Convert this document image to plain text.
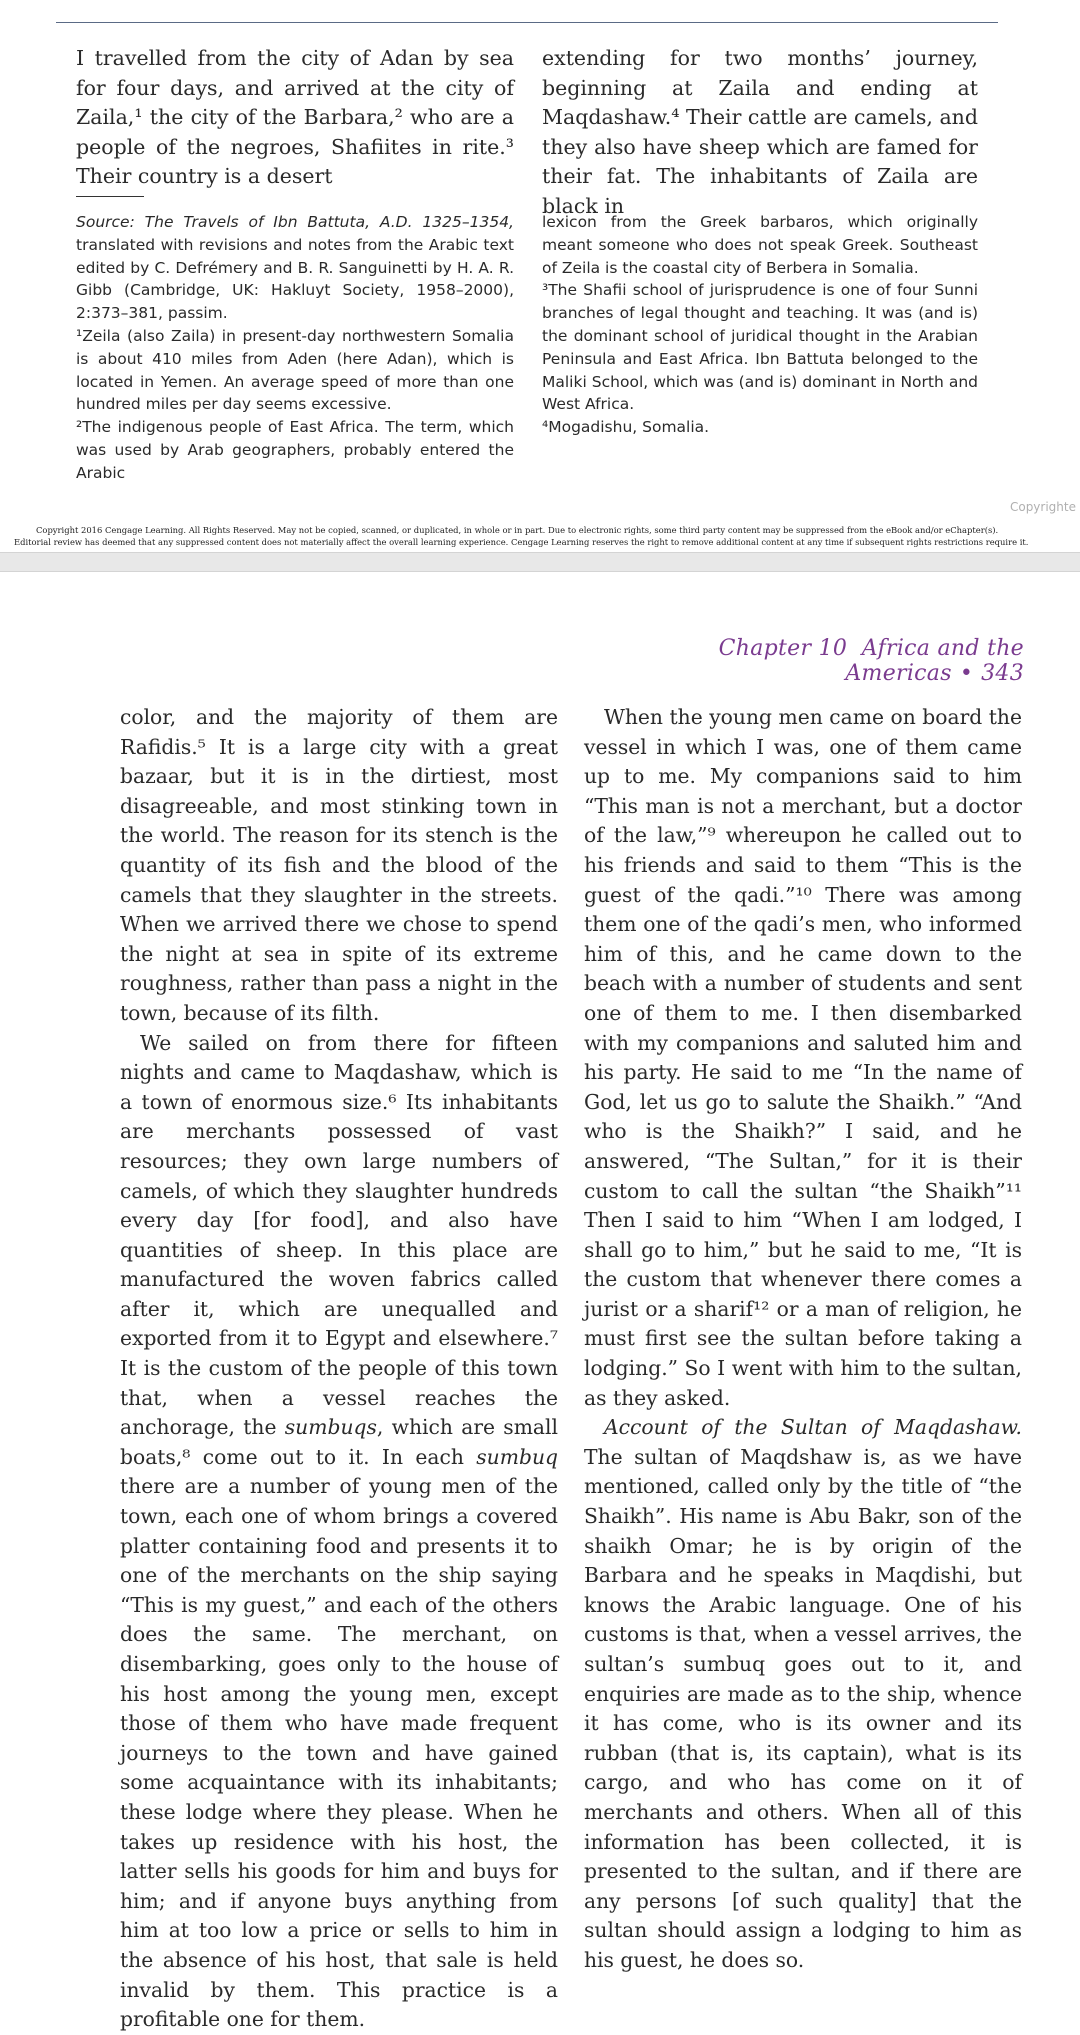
I travelled from the city of Adan by sea for four days, and arrived at the city of Zaila,¹ the city of the Barbara,² who are a people of the negroes, Shafiites in rite.³ Their country is a desert
extending for two months’ journey, beginning at Zaila and ending at Maqdashaw.⁴ Their cattle are camels, and they also have sheep which are famed for their fat. The inhabitants of Zaila are black in

Source: The Travels of Ibn Battuta, A.D. 1325–1354, translated with revisions and notes from the Arabic text edited by C. Defrémery and B. R. Sanguinetti by H. A. R. Gibb (Cambridge, UK: Hakluyt Society, 1958–2000), 2:373–381, passim.

¹Zeila (also Zaila) in present-day northwestern Somalia is about 410 miles from Aden (here Adan), which is located in Yemen. An average speed of more than one hundred miles per day seems excessive.

²The indigenous people of East Africa. The term, which was used by Arab geographers, probably entered the Arabic

lexicon from the Greek barbaros, which originally meant someone who does not speak Greek. Southeast of Zeila is the coastal city of Berbera in Somalia.

³The Shafii school of jurisprudence is one of four Sunni branches of legal thought and teaching. It was (and is) the dominant school of juridical thought in the Arabian Peninsula and East Africa. Ibn Battuta belonged to the Maliki School, which was (and is) dominant in North and West Africa.

⁴Mogadishu, Somalia.

Copyrighte
Copyright 2016 Cengage Learning. All Rights Reserved. May not be copied, scanned, or duplicated, in whole or in part. Due to electronic rights, some third party content may be suppressed from the eBook and/or eChapter(s).
Editorial review has deemed that any suppressed content does not materially affect the overall learning experience. Cengage Learning reserves the right to remove additional content at any time if subsequent rights restrictions require it.
Chapter 10 Africa and the Americas • 343

color, and the majority of them are Rafidis.⁵ It is a large city with a great bazaar, but it is in the dirtiest, most disagreeable, and most stinking town in the world. The reason for its stench is the quantity of its fish and the blood of the camels that they slaughter in the streets. When we arrived there we chose to spend the night at sea in spite of its extreme roughness, rather than pass a night in the town, because of its filth.

We sailed on from there for fifteen nights and came to Maqdashaw, which is a town of enormous size.⁶ Its inhabitants are merchants possessed of vast resources; they own large numbers of camels, of which they slaughter hundreds every day [for food], and also have quantities of sheep. In this place are manufactured the woven fabrics called after it, which are unequalled and exported from it to Egypt and elsewhere.⁷ It is the custom of the people of this town that, when a vessel reaches the anchorage, the sumbuqs, which are small boats,⁸ come out to it. In each sumbuq there are a number of young men of the town, each one of whom brings a covered platter containing food and presents it to one of the merchants on the ship saying “This is my guest,” and each of the others does the same. The merchant, on disembarking, goes only to the house of his host among the young men, except those of them who have made frequent journeys to the town and have gained some acquaintance with its inhabitants; these lodge where they please. When he takes up residence with his host, the latter sells his goods for him and buys for him; and if anyone buys anything from him at too low a price or sells to him in the absence of his host, that sale is held invalid by them. This practice is a profitable one for them.

When the young men came on board the vessel in which I was, one of them came up to me. My companions said to him “This man is not a merchant, but a doctor of the law,”⁹ whereupon he called out to his friends and said to them “This is the guest of the qadi.”¹⁰ There was among them one of the qadi’s men, who informed him of this, and he came down to the beach with a number of students and sent one of them to me. I then disembarked with my companions and saluted him and his party. He said to me “In the name of God, let us go to salute the Shaikh.” “And who is the Shaikh?” I said, and he answered, “The Sultan,” for it is their custom to call the sultan “the Shaikh”¹¹ Then I said to him “When I am lodged, I shall go to him,” but he said to me, “It is the custom that whenever there comes a jurist or a sharif¹² or a man of religion, he must first see the sultan before taking a lodging.” So I went with him to the sultan, as they asked.

Account of the Sultan of Maqdashaw. The sultan of Maqdshaw is, as we have mentioned, called only by the title of “the Shaikh”. His name is Abu Bakr, son of the shaikh Omar; he is by origin of the Barbara and he speaks in Maqdishi, but knows the Arabic language. One of his customs is that, when a vessel arrives, the sultan’s sumbuq goes out to it, and enquiries are made as to the ship, whence it has come, who is its owner and its rubban (that is, its captain), what is its cargo, and who has come on it of merchants and others. When all of this information has been collected, it is presented to the sultan, and if there are any persons [of such quality] that the sultan should assign a lodging to him as his guest, he does so.
